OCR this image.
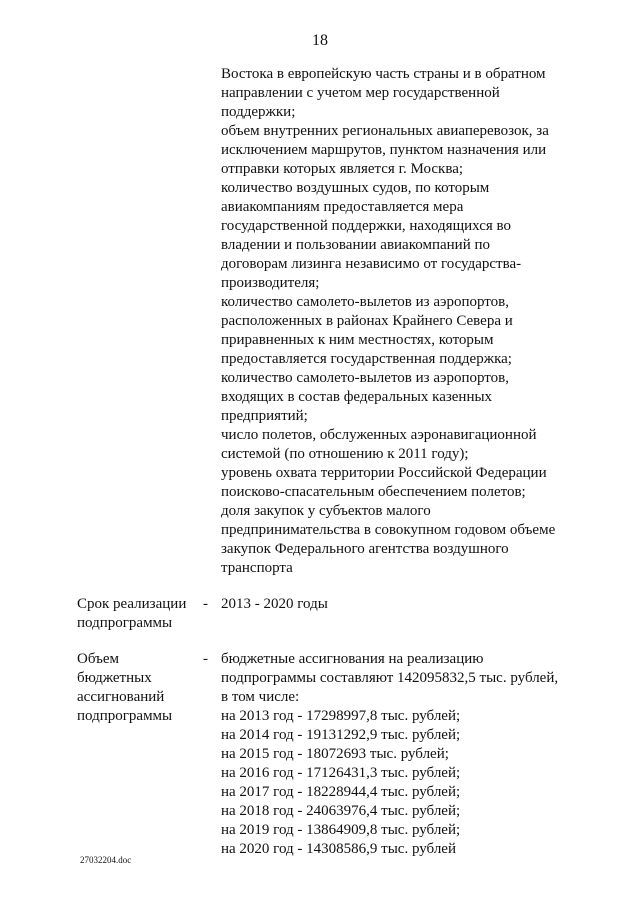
18
Востока в европейскую часть страны и в обратном
направлении с учетом мер государственной
поддержки;
объем внутренних региональных авиаперевозок, за
исключением маршрутов, пунктом назначения или
отправки которых является г. Москва;
количество воздушных судов, по которым
авиакомпаниям предоставляется мера
государственной поддержки, находящихся во
владении и пользовании авиакомпаний по
договорам лизинга независимо от государства-
производителя;
количество самолето-вылетов из аэропортов,
расположенных в районах Крайнего Севера и
приравненных к ним местностях, которым
предоставляется государственная поддержка;
количество самолето-вылетов из аэропортов,
входящих в состав федеральных казенных
предприятий;
число полетов, обслуженных аэронавигационной
системой (по отношению к 2011 году);
уровень охвата территории Российской Федерации
поисково-спасательным обеспечением полетов;
доля закупок у субъектов малого
предпринимательства в совокупном годовом объеме
закупок Федерального агентства воздушного
транспорта
Срок реализации
подпрограммы
- 2013 - 2020 годы
Объем
бюджетных
ассигнований
подпрограммы
- бюджетные ассигнования на реализацию
подпрограммы составляют 142095832,5 тыс. рублей,
в том числе:
на 2013 год - 17298997,8 тыс. рублей;
на 2014 год - 19131292,9 тыс. рублей;
на 2015 год - 18072693 тыс. рублей;
на 2016 год - 17126431,3 тыс. рублей;
на 2017 год - 18228944,4 тыс. рублей;
на 2018 год - 24063976,4 тыс. рублей;
на 2019 год - 13864909,8 тыс. рублей;
на 2020 год - 14308586,9 тыс. рублей
27032204.doc
